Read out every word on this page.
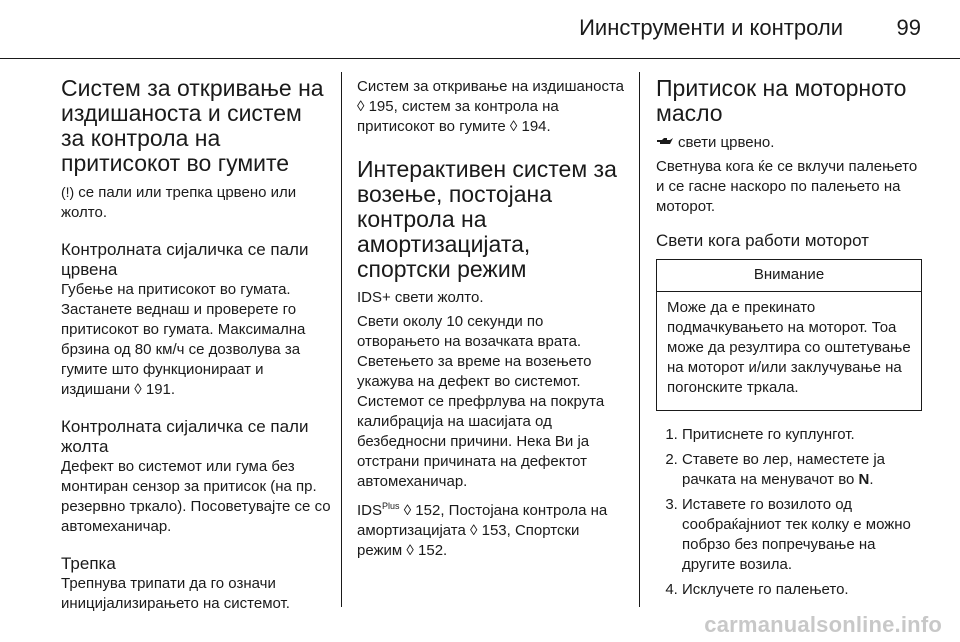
Иинструменти и контроли 99
Систем за откривање на издишаноста и систем за контрола на притисокот во гумите

(!) се пали или трепка црвено или жолто.

Контролната сијаличка се пали црвена

Губење на притисокот во гумата. Застанете веднаш и проверете го притисокот во гумата. Максимална брзина од 80 км/ч се дозволува за гумите што функционираат и издишани ◊ 191.

Контролната сијаличка се пали жолта

Дефект во системот или гума без монтиран сензор за притисок (на пр. резервно тркало). Посоветувајте се со автомеханичар.

Трепка

Трепнува трипати да го означи иницијализирањето на системот.

Систем за откривање на издишаноста ◊ 195, систем за контрола на притисокот во гумите ◊ 194.

Интерактивен систем за возење, постојана контрола на амортизацијата, спортски режим

IDS+ свети жолто.

Свети околу 10 секунди по отворањето на возачката врата. Светењето за време на возењето укажува на дефект во системот. Системот се префрлува на покрута калибрација на шасијата од безбедносни причини. Нека Ви ја отстрани причината на дефектот автомеханичар.

$IDS^{Plus}$ ◊ 152, Постојана контрола на амортизацијата ◊ 153, Спортски режим ◊ 152.

Притисок на моторното масло

свети црвено.

Светнува кога ќе се вклучи палењето и се гасне наскоро по палењето на моторот.

Свети кога работи моторот
Внимание
Може да е прекинато подмачкувањето на моторот. Тоа може да резултира со оштетување на моторот и/или заклучување на погонските тркала.
1. Притиснете го куплунгот.
2. Ставете во лер, наместете ја рачката на менувачот во N.
3. Иставете го возилото од сообраќајниот тек колку е можно побрзо без попречување на другите возила.
4. Исклучете го палењето.
carmanualsonline.info
